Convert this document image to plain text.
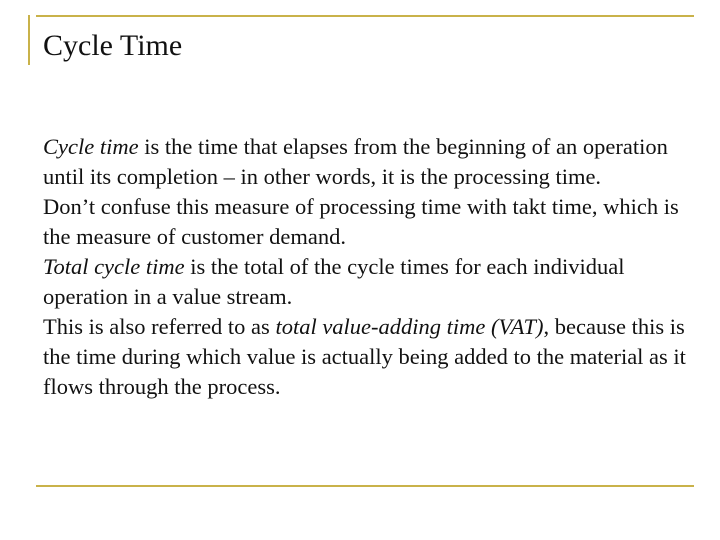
Cycle Time

Cycle time is the time that elapses from the beginning of an operation until its completion – in other words, it is the processing time.

Don’t confuse this measure of processing time with takt time, which is the measure of customer demand.

Total cycle time is the total of the cycle times for each individual operation in a value stream.

This is also referred to as total value-adding time (VAT), because this is the time during which value is actually being added to the material as it flows through the process.
